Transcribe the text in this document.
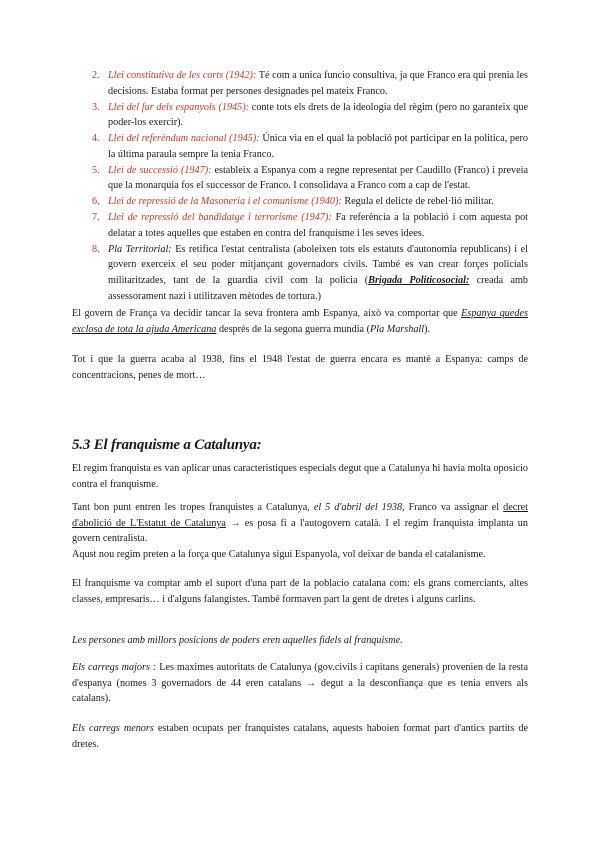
2. Llei constitutiva de les corts (1942): Té com a unica funcio consultiva, ja que Franco era qui prenia les decisions. Estaba format per persones designades pel mateix Franco.
3. Llei del fur dels espanyols (1945): conte tots els drets de la ideologia del règim (pero no garanteix que poder-los exercir).
4. Llei del referèndum nacional (1945): Única via en el qual la població pot participar en la politica, pero la última paraula sempre la tenia Franco.
5. Llei de successió (1947): estableix a Espanya com a regne representat per Caudillo (Franco) i preveia que la monarquia fos el successor de Franco. I consolidava a Franco com a cap de l'estat.
6. Llei de repressió de la Masoneria i el comunisme (1940): Regula el delicte de rebel·lió militar.
7. Llei de repressió del bandidatge i terrorisme (1947): Fa referència a la població i com aquesta pot delatar a totes aquelles que estaben en contra del franquisme i les seves idees.
8. Pla Territorial: Es retifica l'estat centralista (aboleixen tots els estatuts d'autonomia republicans) i el govern exerceix el seu poder mitjançant governadors civils. També es van crear forçes policials militaritzades, tant de la guardia civil com la policia (Brigada Politicosocial: creada amb assessorament nazi i utilitzaven mètodes de tortura.)

El govern de França va decidir tancar la seva frontera amb Espanya, això va comportar que Espanya quedes exclosa de tota la ajuda Americana després de la segona guerra mundia (Pla Marshall).

Tot i que la guerra acaba al 1938, fins el 1948 l'estat de guerra encara es manté a Espanya: camps de concentracions, penes de mort…

5.3 El franquisme a Catalunya:

El regim franquista es van aplicar unas caracteristiques especials degut que a Catalunya hi havia molta oposicio contra el franquisme.

Tant bon punt entren les tropes franquistes a Catalunya, el 5 d'abril del 1938, Franco va assignar el decret d'abolició de L'Estatut de Catalunya → es posa fi a l'autogovern català. I el regim franquista implanta un govern centralista.

Aqust nou regim preten a la força que Catalunya sigui Espanyola, vol deixar de banda el catalanisme.

El franquisme va comptar amb el suport d'una part de la poblacio catalana com: els grans comerciants, altes classes, empresaris… i d'alguns falangistes. També formaven part la gent de dretes i alguns carlins.

Les persones amb millors posicions de poders eren aquelles fidels al franquisme.

Els carregs majors : Les maximes autoritats de Catalunya (gov.civils i capitans generals) provenien de la resta d'espanya (nomes 3 governadors de 44 eren catalans → degut a la desconfiança que es tenia envers als catalans).

Els carregs menors estaben ocupats per franquistes catalans, aquests haboien format part d'antics partits de dretes.
